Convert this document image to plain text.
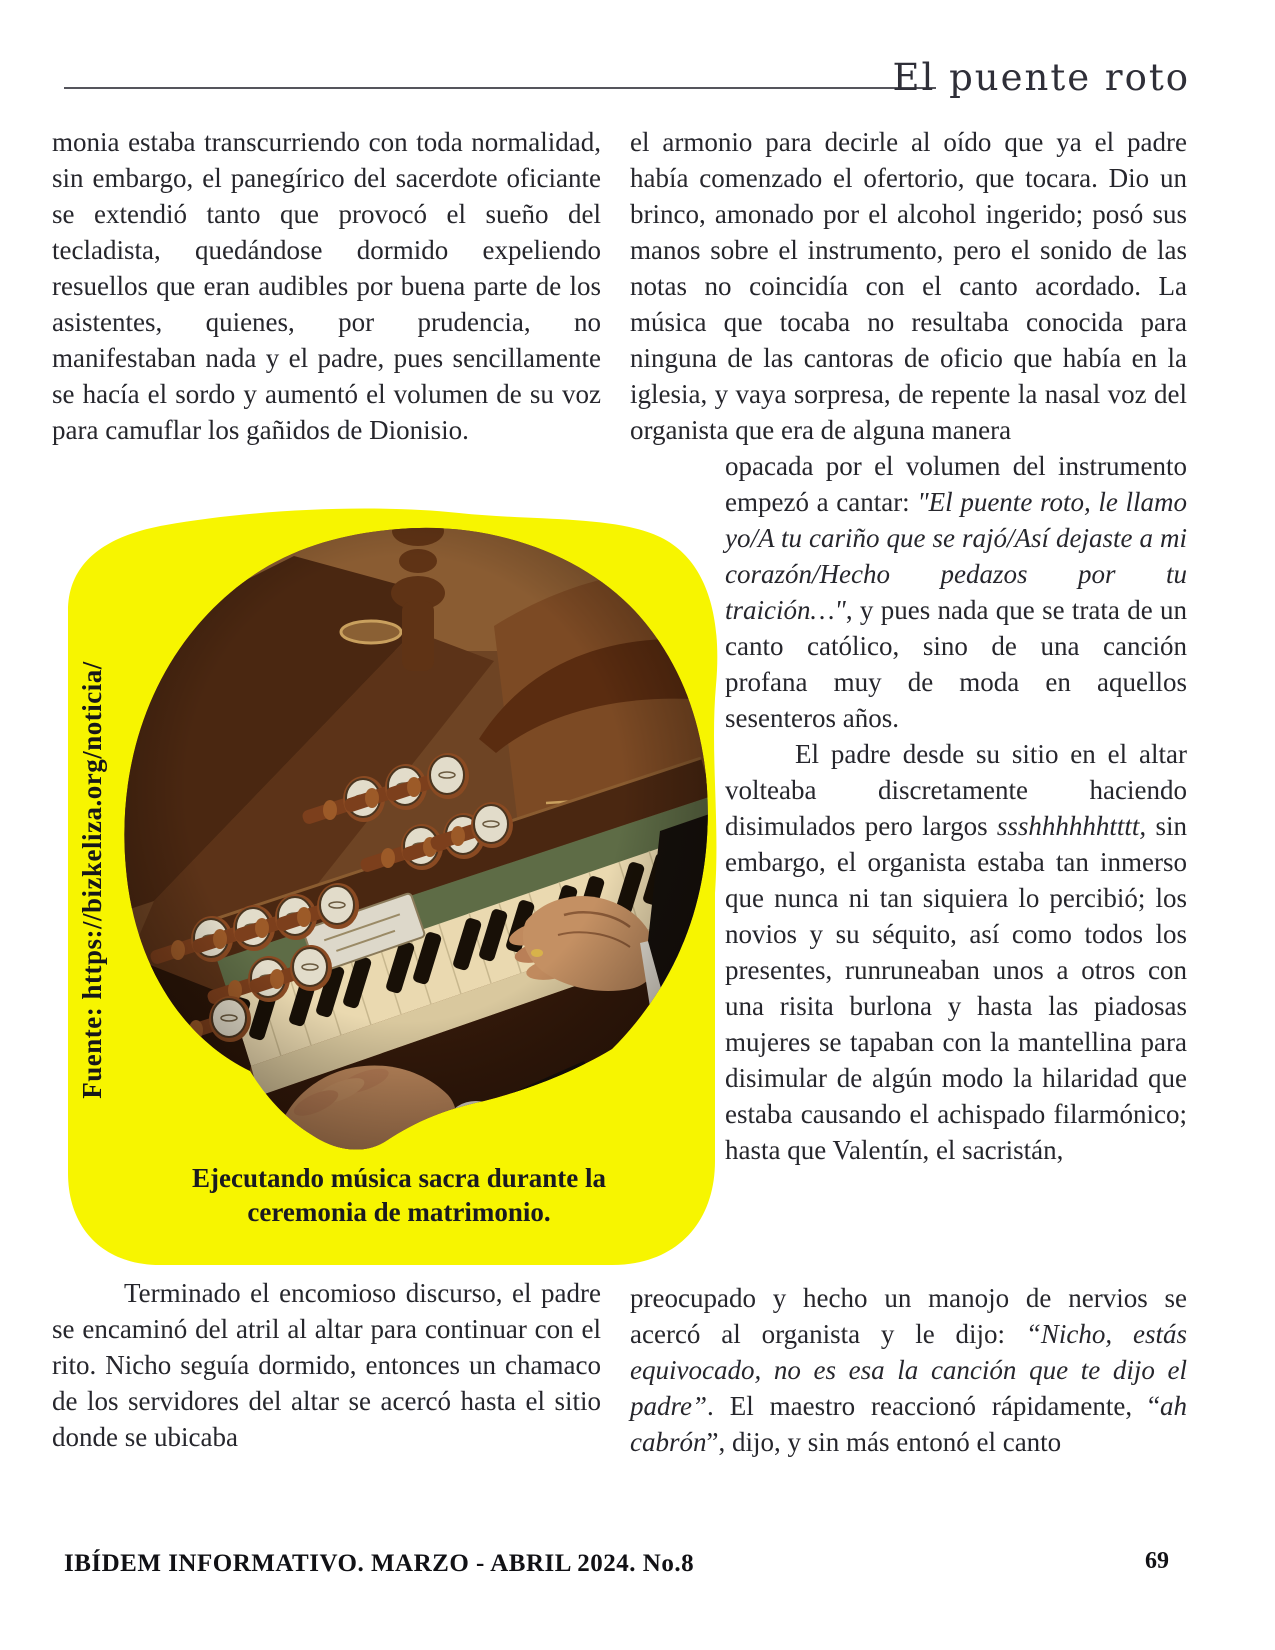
El puente roto

monia estaba transcurriendo con toda normalidad, sin embargo, el panegírico del sacerdote oficiante se extendió tanto que provocó el sueño del tecladista, quedándose dormido expeliendo resuellos que eran audibles por buena parte de los asistentes, quienes, por prudencia, no manifestaban nada y el padre, pues sencillamente se hacía el sordo y aumentó el volumen de su voz para camuflar los gañidos de Dionisio.

Fuente: https://bizkeliza.org/noticia/
Ejecutando música sacra durante la ceremonia de matrimonio.

Terminado el encomioso discurso, el padre se encaminó del atril al altar para continuar con el rito. Nicho seguía dormido, entonces un chamaco de los servidores del altar se acercó hasta el sitio donde se ubicaba

el armonio para decirle al oído que ya el padre había comenzado el ofertorio, que tocara. Dio un brinco, amonado por el alcohol ingerido; posó sus manos sobre el instrumento, pero el sonido de las notas no coincidía con el canto acordado. La música que tocaba no resultaba conocida para ninguna de las cantoras de oficio que había en la iglesia, y vaya sorpresa, de repente la nasal voz del organista que era de alguna manera

opacada por el volumen del instrumento empezó a cantar: "El puente roto, le llamo yo/A tu cariño que se rajó/Así dejaste a mi corazón/Hecho pedazos por tu traición…", y pues nada que se trata de un canto católico, sino de una canción profana muy de moda en aquellos sesenteros años.

El padre desde su sitio en el altar volteaba discretamente haciendo disimulados pero largos ssshhhhhhtttt, sin embargo, el organista estaba tan inmerso que nunca ni tan siquiera lo percibió; los novios y su séquito, así como todos los presentes, runruneaban unos a otros con una risita burlona y hasta las piadosas mujeres se tapaban con la mantellina para disimular de algún modo la hilaridad que estaba causando el achispado filarmónico; hasta que Valentín, el sacristán,

preocupado y hecho un manojo de nervios se acercó al organista y le dijo: “Nicho, estás equivocado, no es esa la canción que te dijo el padre”. El maestro reaccionó rápidamente, “ah cabrón”, dijo, y sin más entonó el canto

IBÍDEM INFORMATIVO. MARZO - ABRIL 2024. No.8	69
